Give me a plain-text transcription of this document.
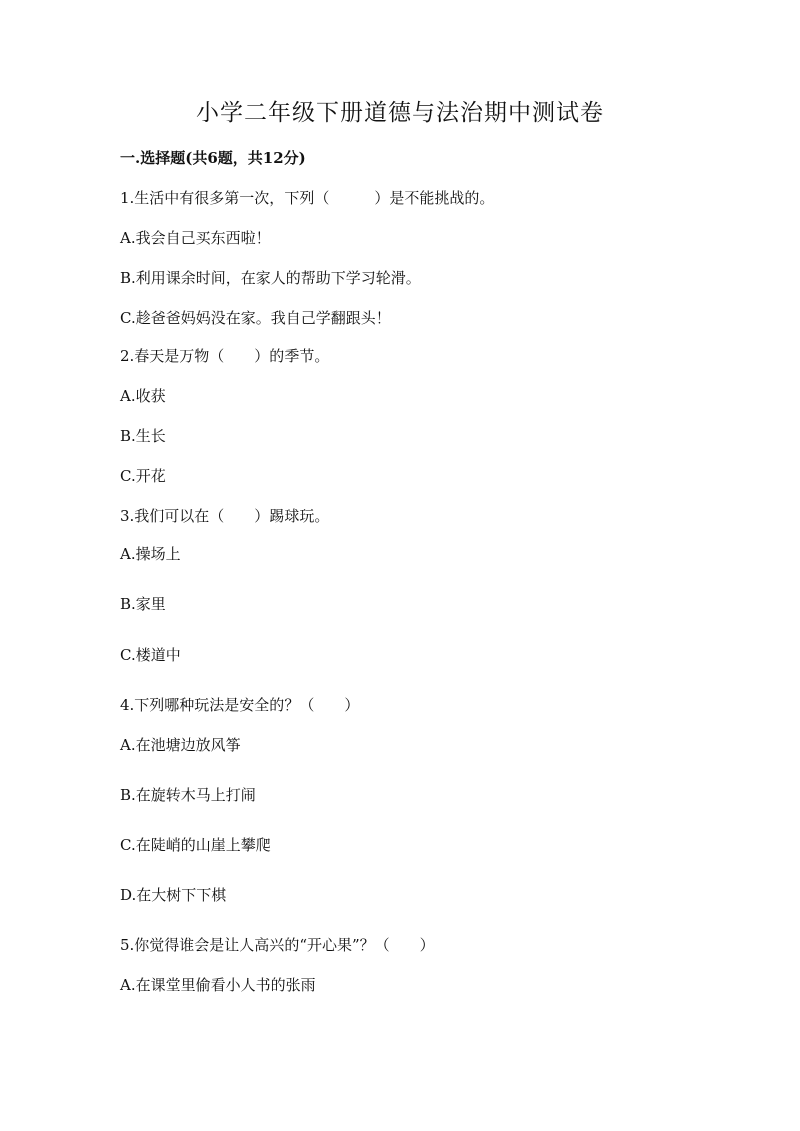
小学二年级下册道德与法治期中测试卷
一.选择题(共6题，共12分)
1.生活中有很多第一次，下列（　　　）是不能挑战的。
A.我会自己买东西啦！
B.利用课余时间，在家人的帮助下学习轮滑。
C.趁爸爸妈妈没在家。我自己学翻跟头！
2.春天是万物（　　）的季节。
A.收获
B.生长
C.开花
3.我们可以在（　　）踢球玩。
A.操场上
B.家里
C.楼道中
4.下列哪种玩法是安全的？（　　）
A.在池塘边放风筝
B.在旋转木马上打闹
C.在陡峭的山崖上攀爬
D.在大树下下棋
5.你觉得谁会是让人高兴的“开心果”？（　　）
A.在课堂里偷看小人书的张雨
